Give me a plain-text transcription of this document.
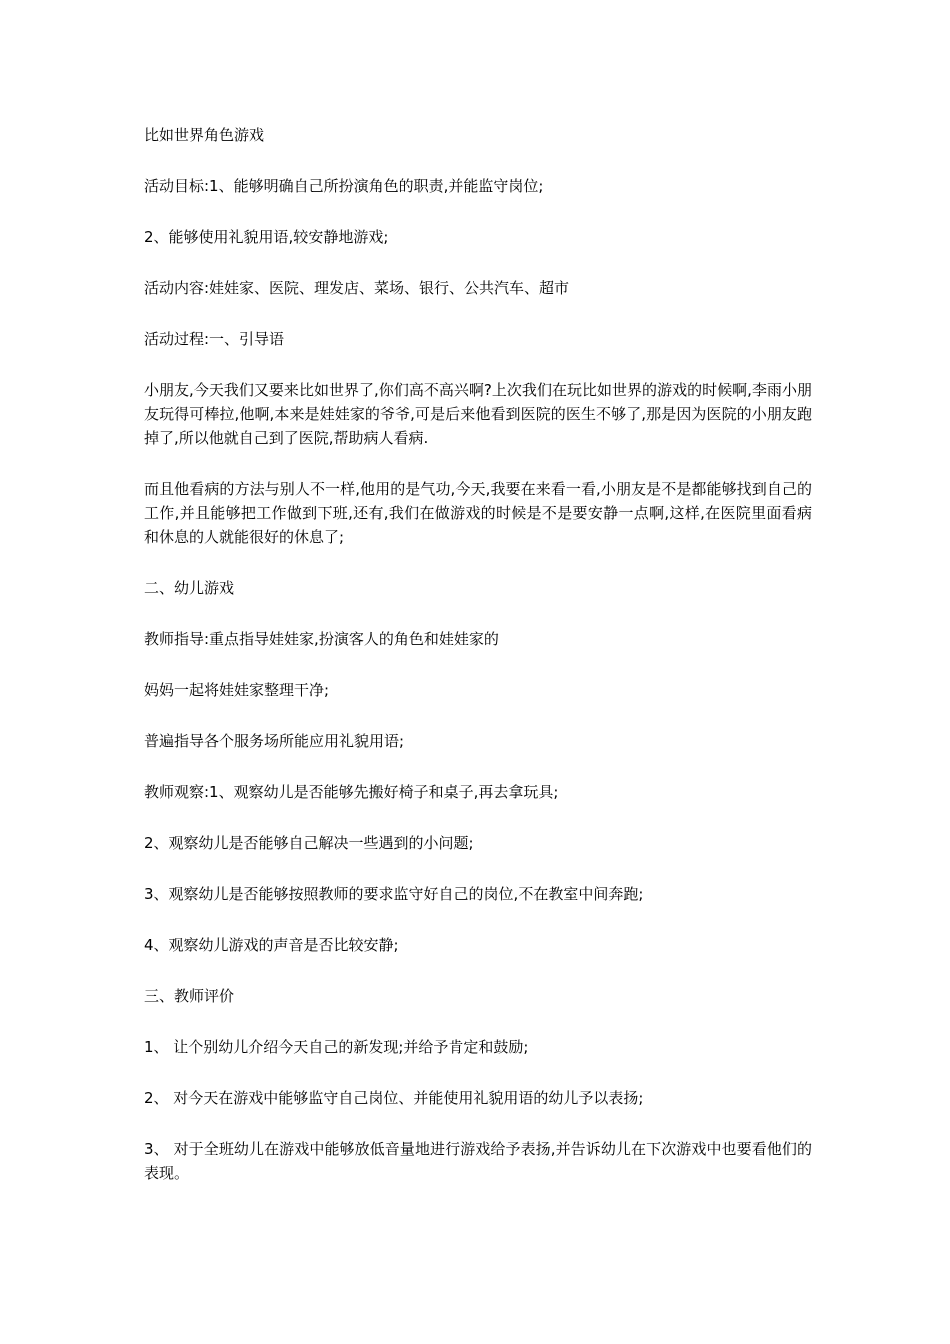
比如世界角色游戏

活动目标:1、能够明确自己所扮演角色的职责,并能监守岗位;

2、能够使用礼貌用语,较安静地游戏;

活动内容:娃娃家、医院、理发店、菜场、银行、公共汽车、超市

活动过程:一、引导语

小朋友,今天我们又要来比如世界了,你们高不高兴啊?上次我们在玩比如世界的游戏的时候啊,李雨小朋友玩得可棒拉,他啊,本来是娃娃家的爷爷,可是后来他看到医院的医生不够了,那是因为医院的小朋友跑掉了,所以他就自己到了医院,帮助病人看病.

而且他看病的方法与别人不一样,他用的是气功,今天,我要在来看一看,小朋友是不是都能够找到自己的工作,并且能够把工作做到下班,还有,我们在做游戏的时候是不是要安静一点啊,这样,在医院里面看病和休息的人就能很好的休息了;

二、幼儿游戏

教师指导:重点指导娃娃家,扮演客人的角色和娃娃家的

妈妈一起将娃娃家整理干净;

普遍指导各个服务场所能应用礼貌用语;

教师观察:1、观察幼儿是否能够先搬好椅子和桌子,再去拿玩具;

2、观察幼儿是否能够自己解决一些遇到的小问题;

3、观察幼儿是否能够按照教师的要求监守好自己的岗位,不在教室中间奔跑;

4、观察幼儿游戏的声音是否比较安静;

三、教师评价

1、 让个别幼儿介绍今天自己的新发现;并给予肯定和鼓励;

2、 对今天在游戏中能够监守自己岗位、并能使用礼貌用语的幼儿予以表扬;

3、 对于全班幼儿在游戏中能够放低音量地进行游戏给予表扬,并告诉幼儿在下次游戏中也要看他们的表现。
